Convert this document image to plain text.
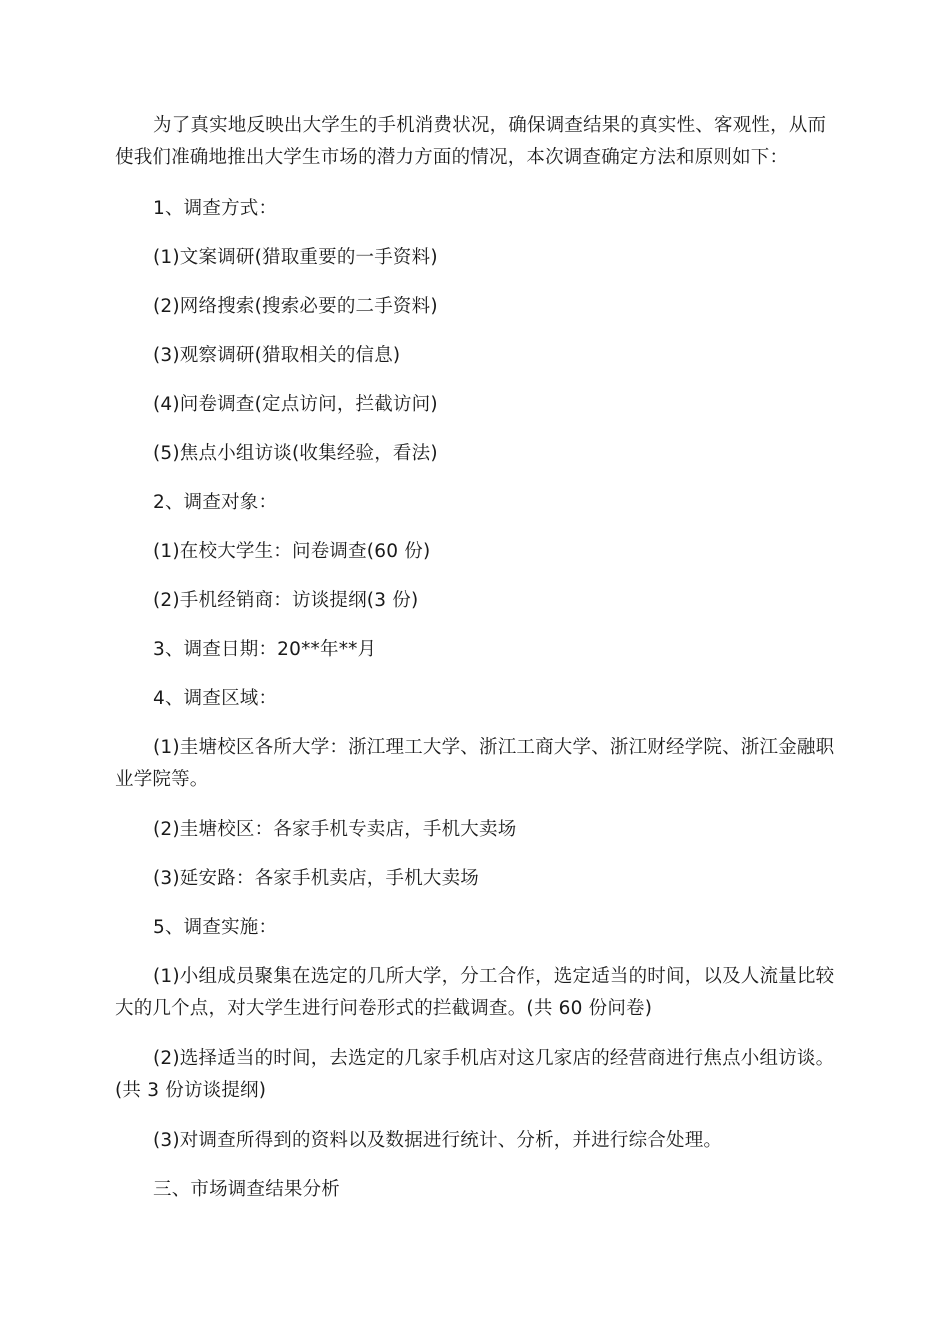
为了真实地反映出大学生的手机消费状况，确保调查结果的真实性、客观性，从而使我们准确地推出大学生市场的潜力方面的情况，本次调查确定方法和原则如下：

1、调查方式：

(1)文案调研(猎取重要的一手资料)

(2)网络搜索(搜索必要的二手资料)

(3)观察调研(猎取相关的信息)

(4)问卷调查(定点访问，拦截访问)

(5)焦点小组访谈(收集经验，看法)

2、调查对象：

(1)在校大学生：问卷调查(60 份)

(2)手机经销商：访谈提纲(3 份)

3、调查日期：20**年**月

4、调查区域：

(1)圭塘校区各所大学：浙江理工大学、浙江工商大学、浙江财经学院、浙江金融职业学院等。

(2)圭塘校区：各家手机专卖店，手机大卖场

(3)延安路：各家手机卖店，手机大卖场

5、调查实施：

(1)小组成员聚集在选定的几所大学，分工合作，选定适当的时间，以及人流量比较大的几个点，对大学生进行问卷形式的拦截调查。(共 60 份问卷)

(2)选择适当的时间，去选定的几家手机店对这几家店的经营商进行焦点小组访谈。(共 3 份访谈提纲)

(3)对调查所得到的资料以及数据进行统计、分析，并进行综合处理。

三、市场调查结果分析
